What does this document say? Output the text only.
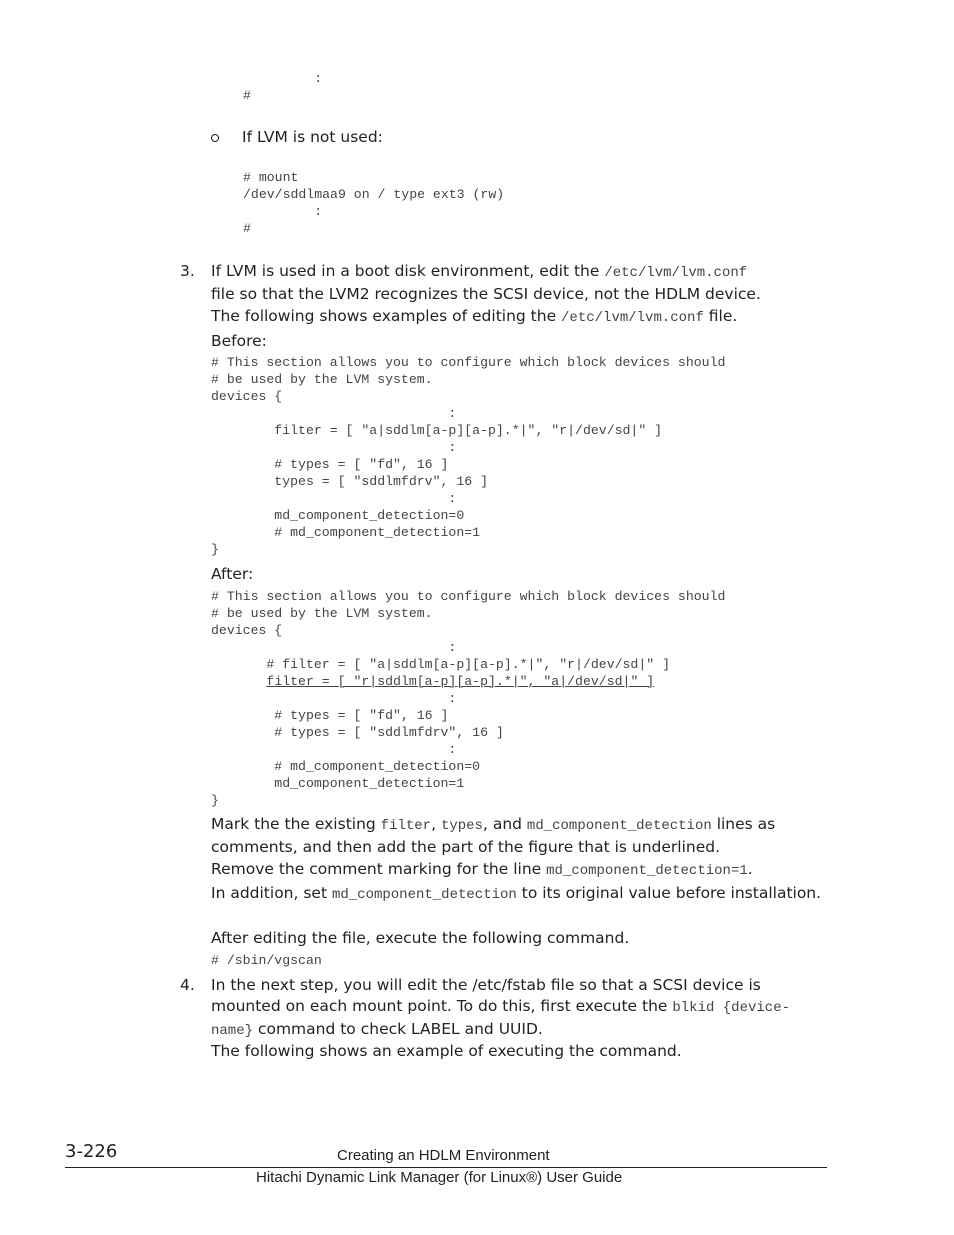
:
#

If LVM is not used:

# mount
/dev/sddlmaa9 on / type ext3 (rw)
:
#
3. If LVM is used in a boot disk environment, edit the /etc/lvm/lvm.conf
file so that the LVM2 recognizes the SCSI device, not the HDLM device.

The following shows examples of editing the /etc/lvm/lvm.conf file.

Before:

# This section allows you to configure which block devices should
# be used by the LVM system.
devices {
:
filter = [ "a|sddlm[a-p][a-p].*|", "r|/dev/sd|" ]
:
# types = [ "fd", 16 ]
types = [ "sddlmfdrv", 16 ]
:
md_component_detection=0
# md_component_detection=1
}

After:

# This section allows you to configure which block devices should
# be used by the LVM system.
devices {
:
# filter = [ "a|sddlm[a-p][a-p].*|", "r|/dev/sd|" ]
filter = [ "r|sddlm[a-p][a-p].*|", "a|/dev/sd|" ]
:
# types = [ "fd", 16 ]
# types = [ "sddlmfdrv", 16 ]
:
# md_component_detection=0
md_component_detection=1
}

Mark the the existing filter, types, and md_component_detection lines as comments, and then add the part of the figure that is underlined.

Remove the comment marking for the line md_component_detection=1.

In addition, set md_component_detection to its original value before installation.

After editing the file, execute the following command.

# /sbin/vgscan
4. In the next step, you will edit the /etc/fstab file so that a SCSI device is mounted on each mount point. To do this, first execute the blkid {device-name} command to check LABEL and UUID.

The following shows an example of executing the command.

3-226	Creating an HDLM Environment
Hitachi Dynamic Link Manager (for Linux®) User Guide
